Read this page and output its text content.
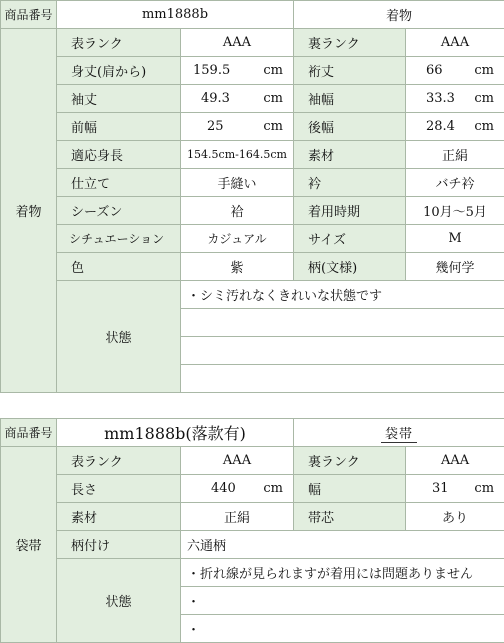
商品番号	mm1888b		着物	
着物	表ランク	AAA	裏ランク	AAA
	身丈(肩から)	159.5 cm	裄丈	66 cm

	袖丈	49.3 cm	袖幅	33.3 cm

	前幅	25 cm	後幅	28.4 cm

	適応身長	154.5cm-164.5cm	素材	正絹
	仕立て	手縫い	衿	バチ衿
	シーズン	袷	着用時期	10月～5月
	シチュエーション	カジュアル	サイズ	M
	色	紫	柄(文様)	幾何学
	状態	・シミ汚れなくきれいな状態です		

商品番号	mm1888b(落款有)		袋帯	
袋帯	表ランク	AAA	裏ランク	AAA
	長さ	440 cm	幅	31 cm

	素材	正絹	帯芯	あり
	柄付け	六通柄		
	状態	・折れ線が見られますが着用には問題ありません		
		・		
		・		
